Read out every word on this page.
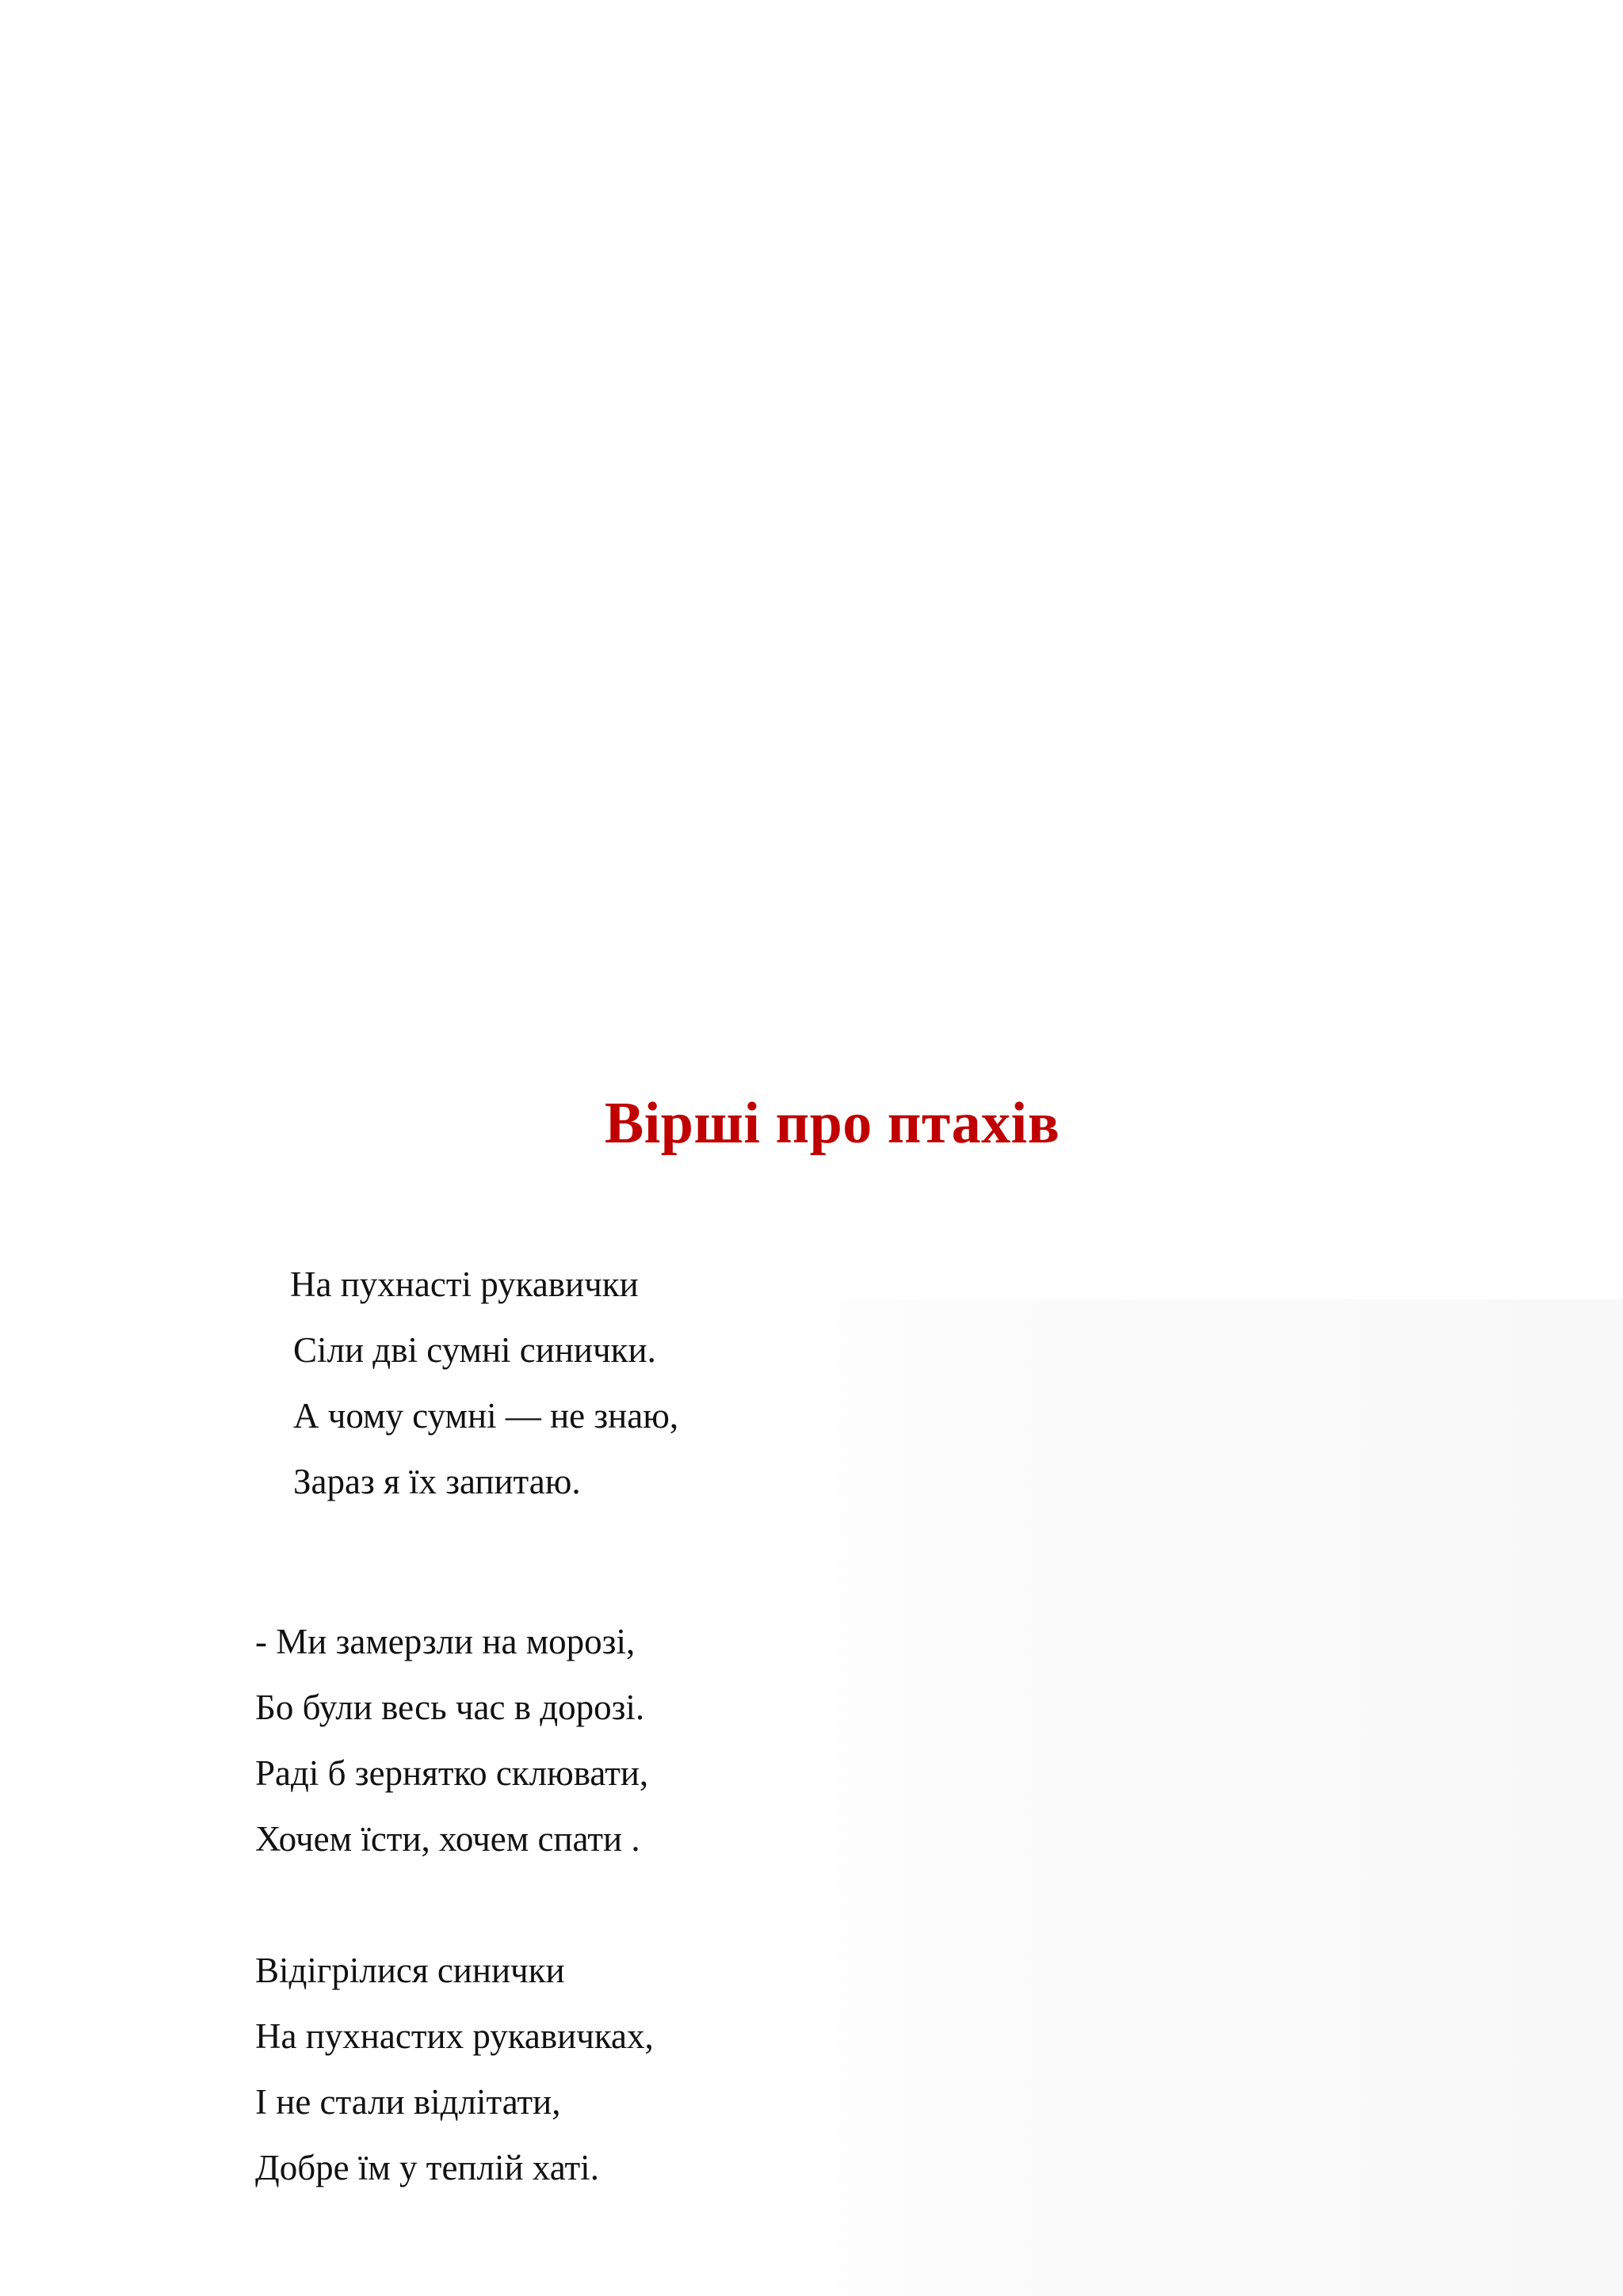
Вірші про птахів
На пухнасті рукавички
Сіли дві сумні синички.
А чому сумні — не знаю,
Зараз я їх запитаю.
- Ми замерзли на морозі,
Бо були весь час в дорозі.
Раді б зернятко склювати,
Хочем їсти, хочем спати .
Відігрілися синички
На пухнастих рукавичках,
І не стали відлітати,
Добре їм у теплій хаті.
